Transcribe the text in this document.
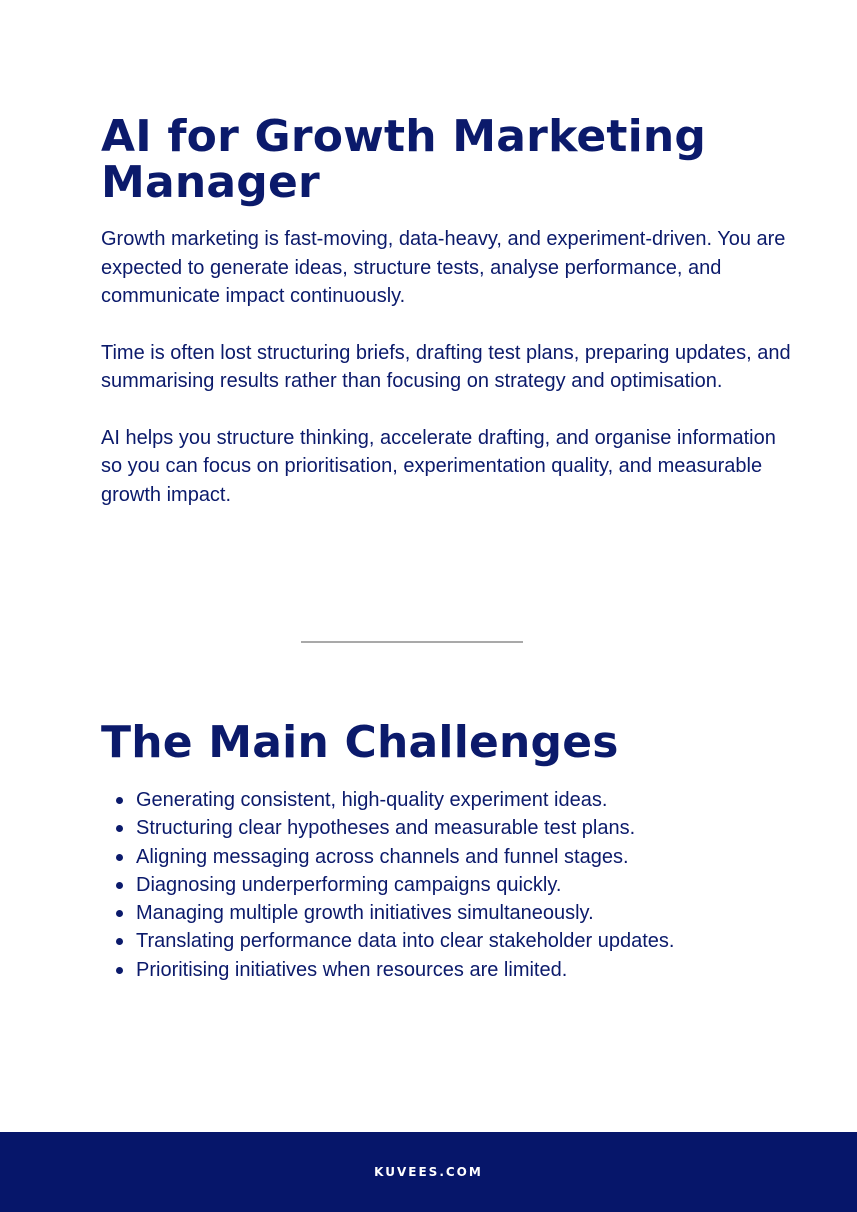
AI for Growth Marketing Manager

Growth marketing is fast-moving, data-heavy, and experiment-driven. You are expected to generate ideas, structure tests, analyse performance, and communicate impact continuously.

Time is often lost structuring briefs, drafting test plans, preparing updates, and summarising results rather than focusing on strategy and optimisation.

AI helps you structure thinking, accelerate drafting, and organise information so you can focus on prioritisation, experimentation quality, and measurable growth impact.

The Main Challenges
Generating consistent, high-quality experiment ideas.
Structuring clear hypotheses and measurable test plans.
Aligning messaging across channels and funnel stages.
Diagnosing underperforming campaigns quickly.
Managing multiple growth initiatives simultaneously.
Translating performance data into clear stakeholder updates.
Prioritising initiatives when resources are limited.
KUVEES.COM
